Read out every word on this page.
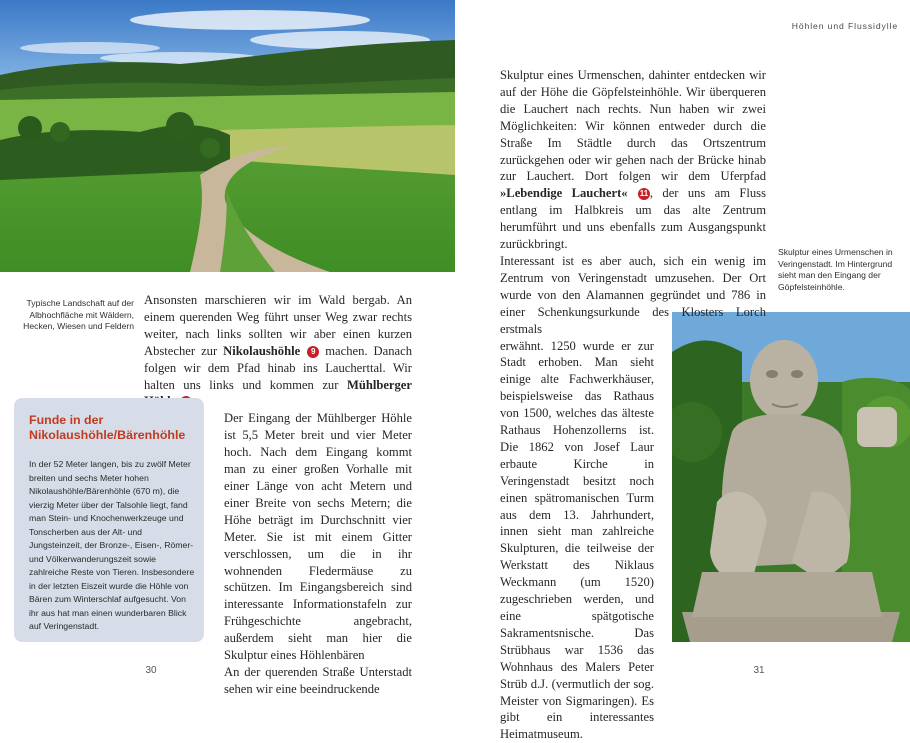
Höhlen und Flussidylle
Typische Landschaft auf der Albhochfläche mit Wäldern, Hecken, Wiesen und Feldern
Skulptur eines Urmenschen in Veringenstadt. Im Hintergrund sieht man den Eingang der Göpfelsteinhöhle.

Ansonsten marschieren wir im Wald bergab. An einem querenden Weg führt unser Weg zwar rechts weiter, nach links sollten wir aber einen kurzen Abstecher zur Nikolaushöhle 9 machen. Danach folgen wir dem Pfad hinab ins Laucherttal. Wir halten uns links und kommen zur Mühlberger

Der Eingang der Mühlberger Höhle ist 5,5 Meter breit und vier Meter hoch. Nach dem Eingang kommt man zu einer großen Vorhalle mit einer Länge von acht Metern und einer Breite von sechs Metern; die Höhe beträgt im Durchschnitt vier Meter. Sie ist mit einem Gitter verschlossen, um die in ihr wohnenden Fledermäuse zu schützen. Im Eingangsbereich sind interessante Informationstafeln zur Frühgeschichte angebracht, außerdem sieht man hier die Skulptur eines Höhlenbären

An der querenden Straße Unterstadt sehen wir eine beeindruckende

Skulptur eines Urmenschen, dahinter entdecken wir auf der Höhe die Göpfelsteinhöhle. Wir überqueren die Lauchert nach rechts. Nun haben wir zwei Möglichkeiten: Wir können entweder durch die Straße Im Städtle durch das Ortszentrum zurückgehen oder wir gehen nach der Brücke hinab zur Lauchert. Dort folgen wir dem Uferpfad »Lebendige Lauchert« 11 , der uns am Fluss entlang im Halbkreis um das alte Zentrum herumführt und uns ebenfalls zum Ausgangspunkt zurückbringt.

Interessant ist es aber auch, sich ein wenig im Zentrum von Veringenstadt umzusehen. Der Ort wurde von den Alamannen gegründet und 786 in einer Schenkungsurkunde des Klosters Lorch erstmals

erwähnt. 1250 wurde er zur Stadt erhoben. Man sieht einige alte Fachwerkhäuser, beispielsweise das Rathaus von 1500, welches das älteste Rathaus Hohenzollerns ist. Die 1862 von Josef Laur erbaute Kirche in Veringenstadt besitzt noch einen spätromanischen Turm aus dem 13. Jahrhundert, innen sieht man zahlreiche Skulpturen, die teilweise der Werkstatt des Niklaus Weckmann (um 1520) zugeschrieben werden, und eine spätgotische Sakramentsnische. Das Strübhaus war 1536 das Wohnhaus des Malers Peter Strüb d.J. (vermutlich der sog. Meister von Sigmaringen). Es gibt ein interessantes Heimatmuseum.

Funde in der Nikolaushöhle/Bärenhöhle
In der 52 Meter langen, bis zu zwölf Meter breiten und sechs Meter hohen Nikolaushöhle/Bärenhöhle (670 m), die vierzig Meter über der Talsohle liegt, fand man Stein- und Knochenwerkzeuge und Tonscherben aus der Alt- und Jungsteinzeit, der Bronze-, Eisen-, Römer- und Völkerwanderungszeit sowie zahlreiche Reste von Tieren. Insbesondere in der letzten Eiszeit wurde die Höhle von Bären zum Winterschlaf aufgesucht. Von ihr aus hat man einen wunderbaren Blick auf Veringenstadt.
30	31
